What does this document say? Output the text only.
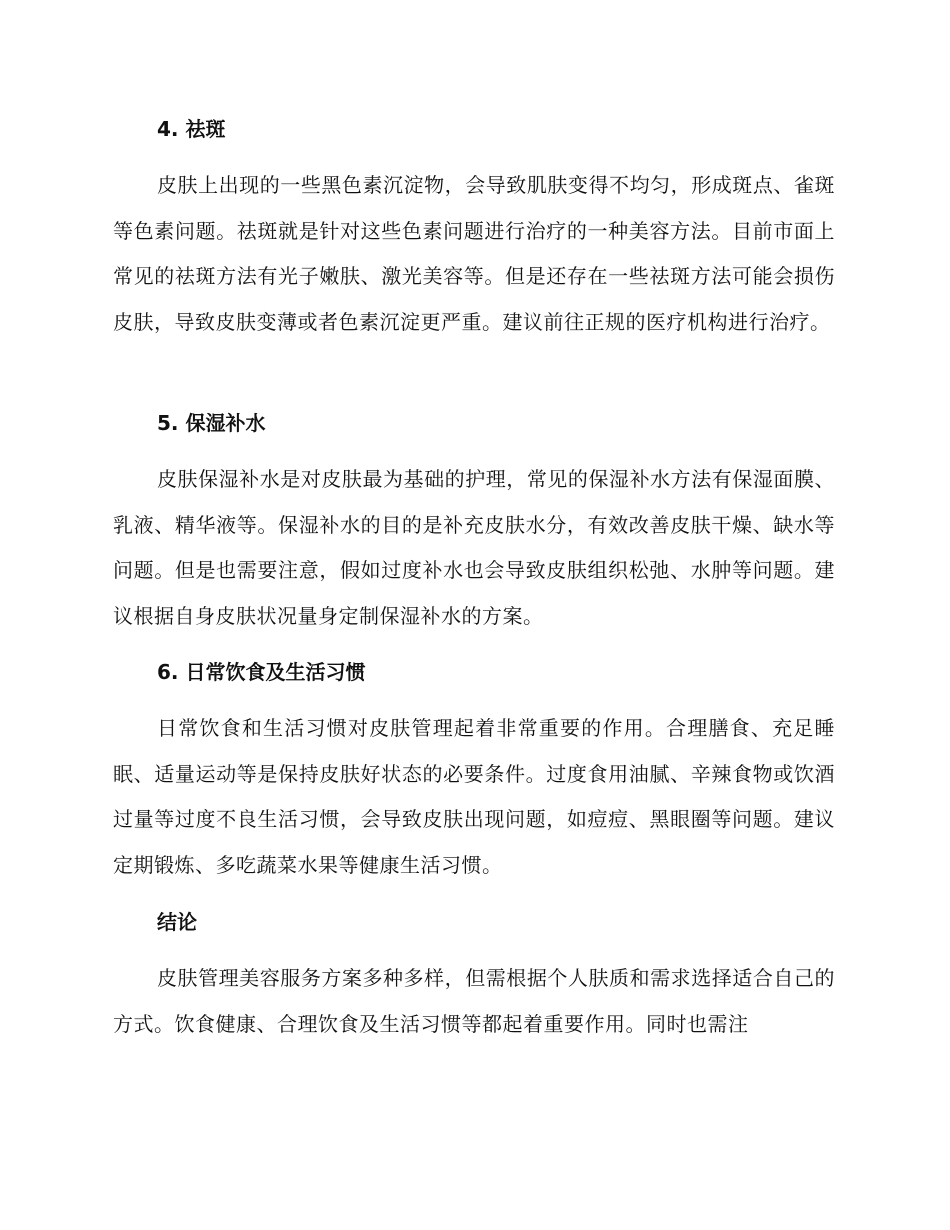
4. 祛斑

皮肤上出现的一些黑色素沉淀物，会导致肌肤变得不均匀，形成斑点、雀斑等色素问题。祛斑就是针对这些色素问题进行治疗的一种美容方法。目前市面上常见的祛斑方法有光子嫩肤、激光美容等。但是还存在一些祛斑方法可能会损伤皮肤，导致皮肤变薄或者色素沉淀更严重。建议前往正规的医疗机构进行治疗。

5. 保湿补水

皮肤保湿补水是对皮肤最为基础的护理，常见的保湿补水方法有保湿面膜、乳液、精华液等。保湿补水的目的是补充皮肤水分，有效改善皮肤干燥、缺水等问题。但是也需要注意，假如过度补水也会导致皮肤组织松弛、水肿等问题。建议根据自身皮肤状况量身定制保湿补水的方案。

6. 日常饮食及生活习惯

日常饮食和生活习惯对皮肤管理起着非常重要的作用。合理膳食、充足睡眠、适量运动等是保持皮肤好状态的必要条件。过度食用油腻、辛辣食物或饮酒过量等过度不良生活习惯，会导致皮肤出现问题，如痘痘、黑眼圈等问题。建议定期锻炼、多吃蔬菜水果等健康生活习惯。

结论

皮肤管理美容服务方案多种多样，但需根据个人肤质和需求选择适合自己的方式。饮食健康、合理饮食及生活习惯等都起着重要作用。同时也需注
